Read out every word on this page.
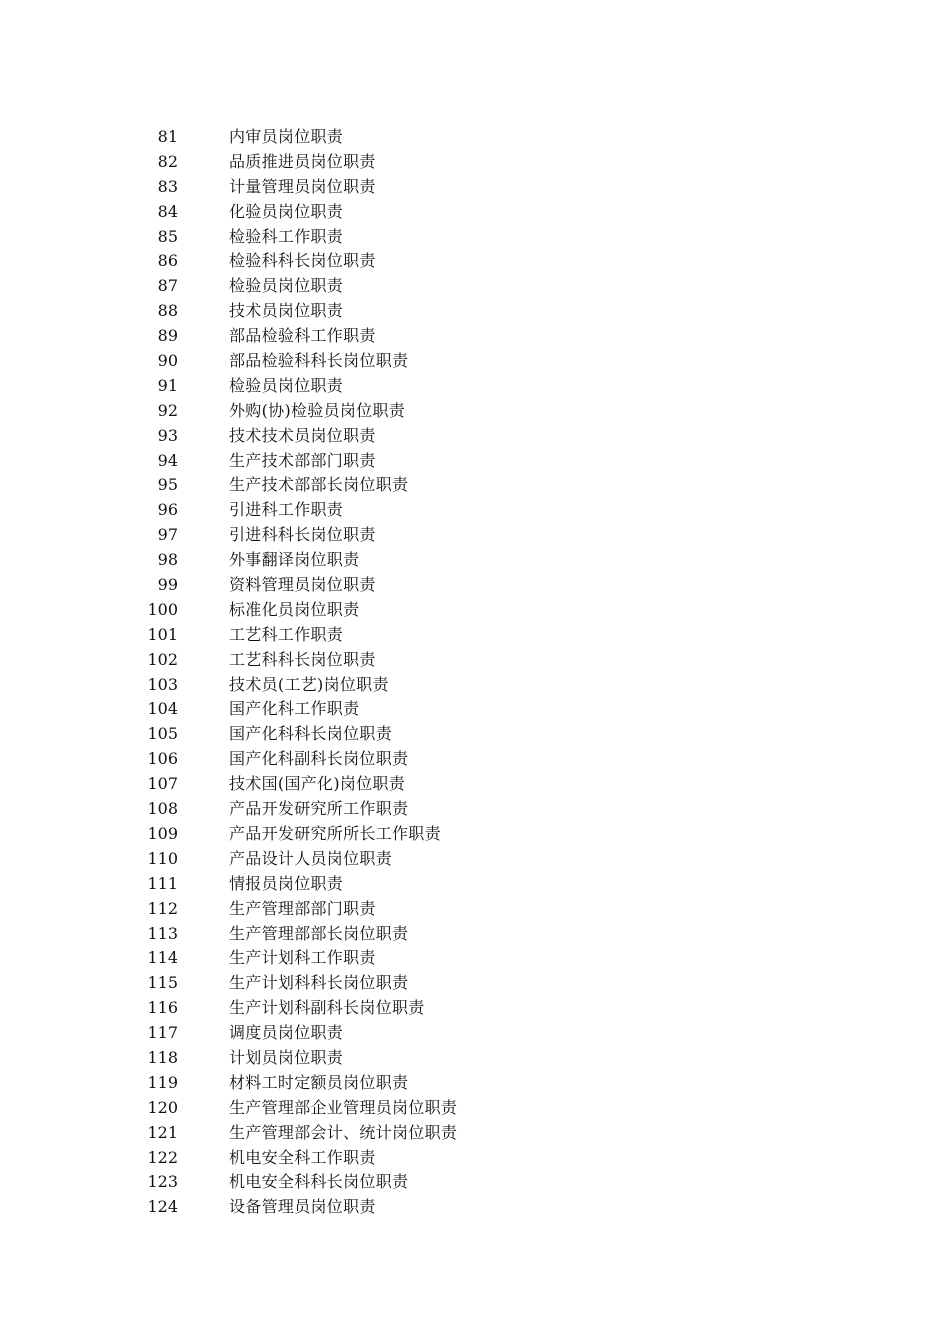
81	内审员岗位职责
82	品质推进员岗位职责
83	计量管理员岗位职责
84	化验员岗位职责
85	检验科工作职责
86	检验科科长岗位职责
87	检验员岗位职责
88	技术员岗位职责
89	部品检验科工作职责
90	部品检验科科长岗位职责
91	检验员岗位职责
92	外购(协)检验员岗位职责
93	技术技术员岗位职责
94	生产技术部部门职责
95	生产技术部部长岗位职责
96	引进科工作职责
97	引进科科长岗位职责
98	外事翻译岗位职责
99	资料管理员岗位职责
100	标准化员岗位职责
101	工艺科工作职责
102	工艺科科长岗位职责
103	技术员(工艺)岗位职责
104	国产化科工作职责
105	国产化科科长岗位职责
106	国产化科副科长岗位职责
107	技术国(国产化)岗位职责
108	产品开发研究所工作职责
109	产品开发研究所所长工作职责
110	产品设计人员岗位职责
111	情报员岗位职责
112	生产管理部部门职责
113	生产管理部部长岗位职责
114	生产计划科工作职责
115	生产计划科科长岗位职责
116	生产计划科副科长岗位职责
117	调度员岗位职责
118	计划员岗位职责
119	材料工时定额员岗位职责
120	生产管理部企业管理员岗位职责
121	生产管理部会计、统计岗位职责
122	机电安全科工作职责
123	机电安全科科长岗位职责
124	设备管理员岗位职责
